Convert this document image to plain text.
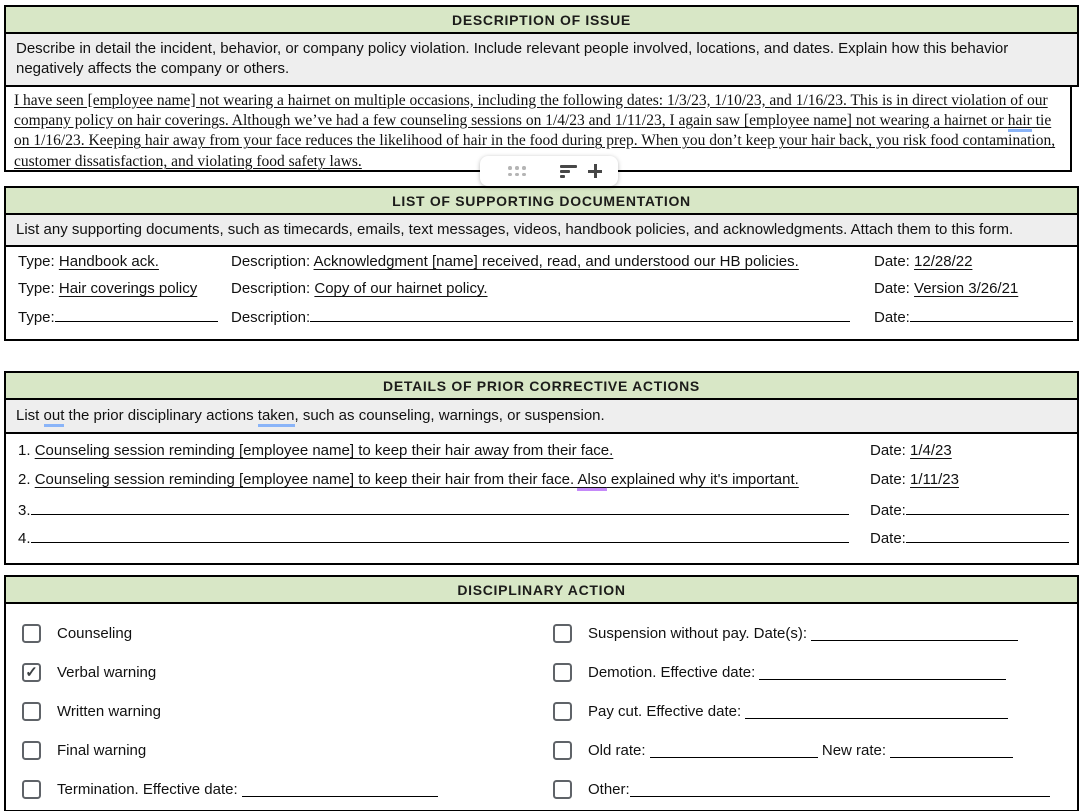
DESCRIPTION OF ISSUE
Describe in detail the incident, behavior, or company policy violation. Include relevant people involved, locations, and dates. Explain how this behavior negatively affects the company or others.
I have seen [employee name] not wearing a hairnet on multiple occasions, including the following dates: 1/3/23, 1/10/23, and 1/16/23. This is in direct violation of our company policy on hair coverings. Although we’ve had a few counseling sessions on 1/4/23 and 1/11/23, I again saw [employee name] not wearing a hairnet or hair tie on 1/16/23. Keeping hair away from your face reduces the likelihood of hair in the food during prep. When you don’t keep your hair back, you risk food contamination, customer dissatisfaction, and violating food safety laws.
LIST OF SUPPORTING DOCUMENTATION
List any supporting documents, such as timecards, emails, text messages, videos, handbook policies, and acknowledgments. Attach them to this form.
Type: Handbook ack.	Description: Acknowledgment [name] received, read, and understood our HB policies.	Date: 12/28/22
Type: Hair coverings policy	Description: Copy of our hairnet policy.	Date: Version 3/26/21
Type:	Description:	Date:
DETAILS OF PRIOR CORRECTIVE ACTIONS
List out the prior disciplinary actions taken, such as counseling, warnings, or suspension.
1. Counseling session reminding [employee name] to keep their hair away from their face.	Date: 1/4/23
2. Counseling session reminding [employee name] to keep their hair from their face. Also explained why it's important.	Date: 1/11/23
3.	Date:
4.	Date:
DISCIPLINARY ACTION
Counseling
✓
Verbal warning
Written warning
Final warning
Termination. Effective date:
Suspension without pay. Date(s):
Demotion. Effective date:
Pay cut. Effective date:
Old rate:	New rate:
Other:
